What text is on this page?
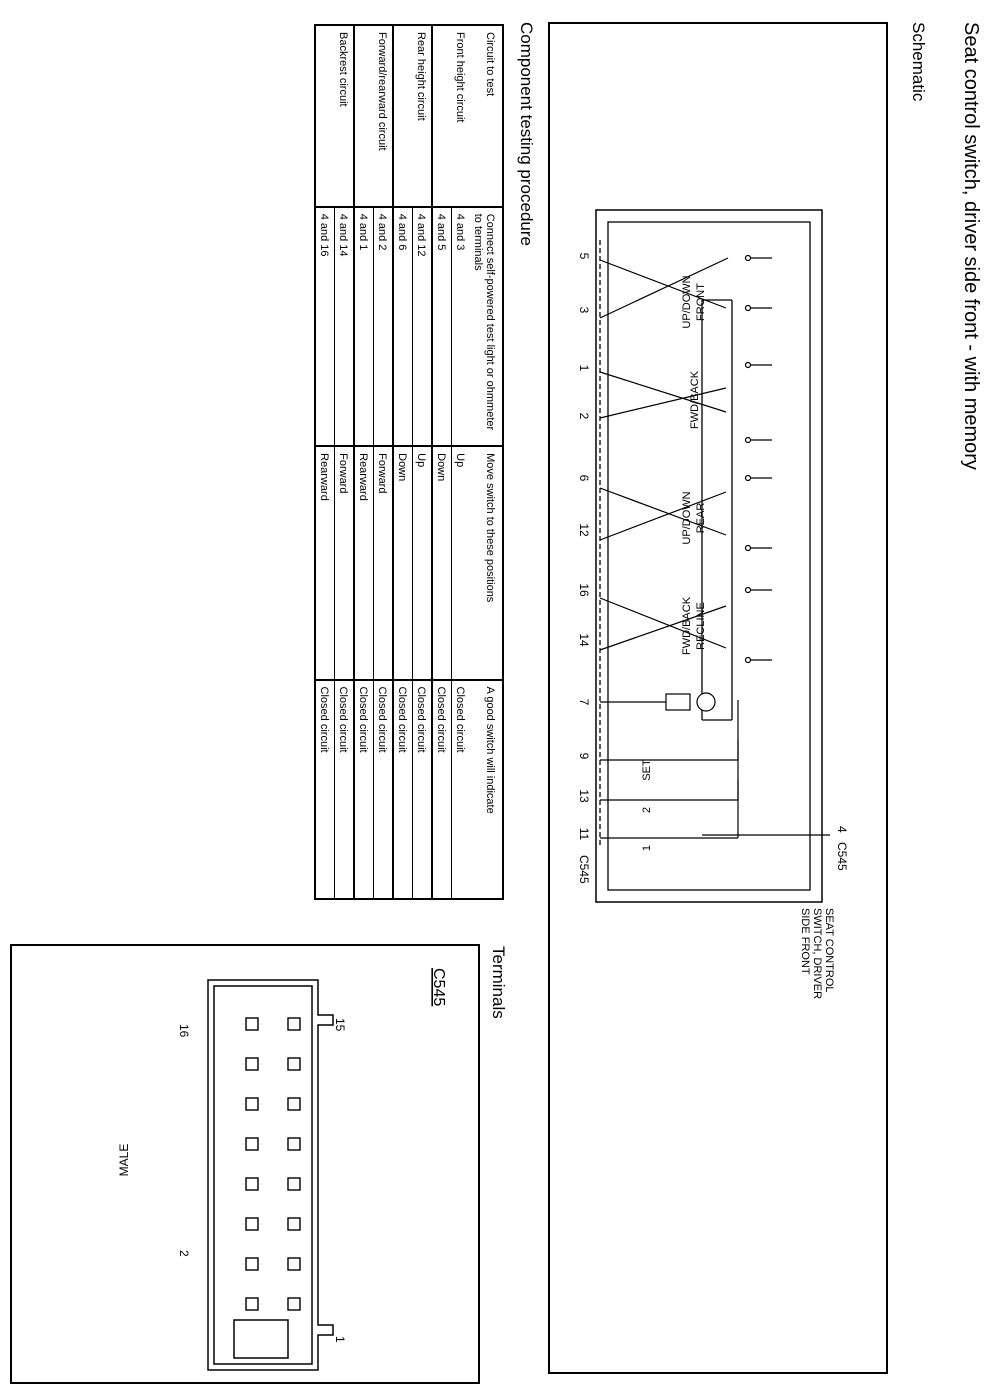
Seat control switch, driver side front - with memory
Schematic
FRONT
UP/DOWN
FWD/BACK
REAR
UP/DOWN
RECLINE
FWD/BACK
SET
2
1
5
3
1
2
6
12
16
14
7
9
13
11
C545
4
C545
SEAT CONTROL
SWITCH, DRIVER
SIDE FRONT
Component testing procedure
Circuit to test	Connect self-powered test light or ohmmeter to terminals	Move switch to these positions	A good switch will indicate
Front height circuit	4 and 3	Up	Closed circuit
	4 and 5	Down	Closed circuit
Rear height circuit	4 and 12	Up	Closed circuit
	4 and 6	Down	Closed circuit
Forward/rearward circuit	4 and 2	Forward	Closed circuit
	4 and 1	Rearward	Closed circuit
Backrest circuit	4 and 14	Forward	Closed circuit
	4 and 16	Rearward	Closed circuit
Terminals
C545
15
1
16
2
MALE
